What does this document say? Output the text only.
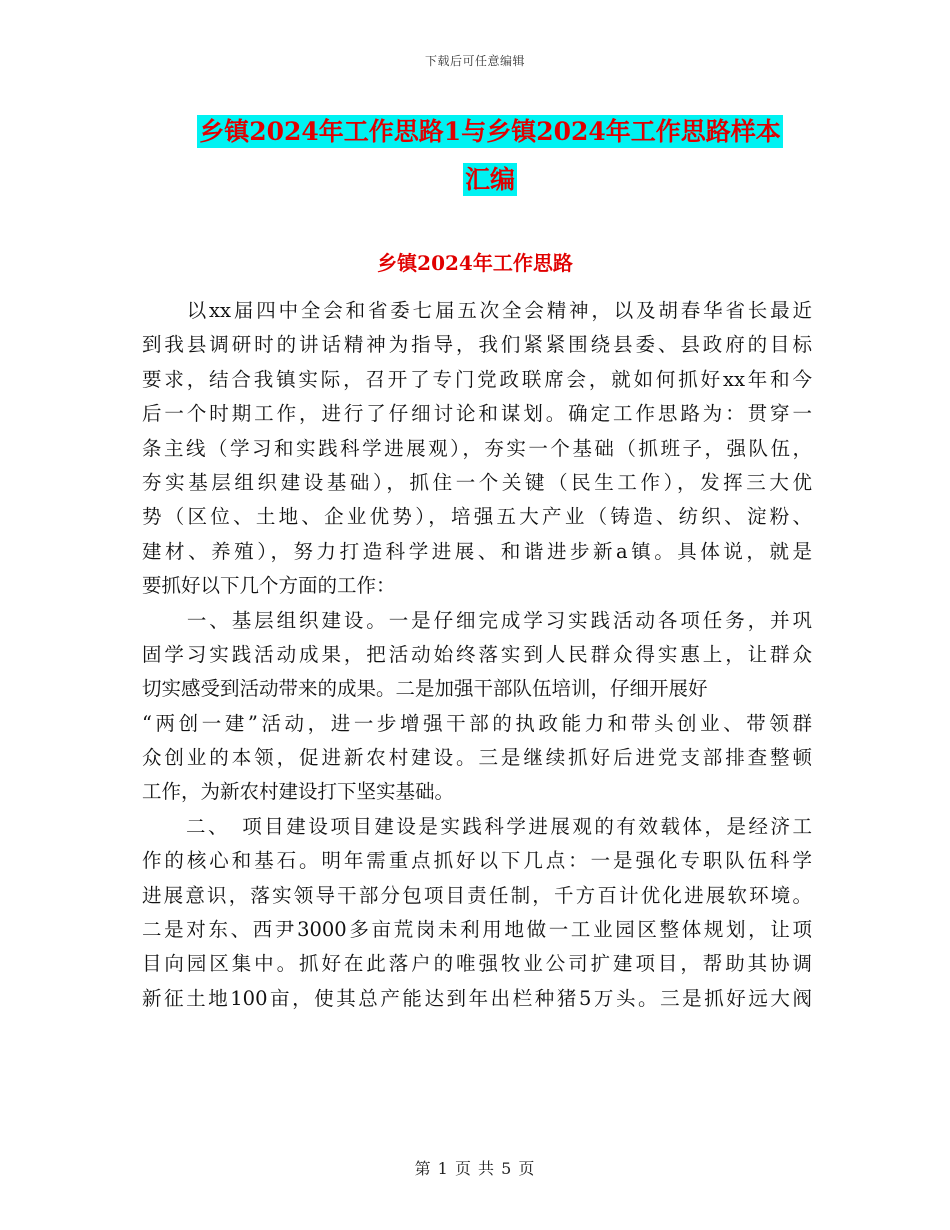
下载后可任意编辑
乡镇2024年工作思路1与乡镇2024年工作思路样本
汇编
乡镇2024年工作思路
　　以xx届四中全会和省委七届五次全会精神，以及胡春华省长最近
到我县调研时的讲话精神为指导，我们紧紧围绕县委、县政府的目标
要求，结合我镇实际，召开了专门党政联席会，就如何抓好xx年和今
后一个时期工作，进行了仔细讨论和谋划。确定工作思路为：贯穿一
条主线（学习和实践科学进展观），夯实一个基础（抓班子，强队伍，
夯实基层组织建设基础），抓住一个关键（民生工作），发挥三大优
势（区位、土地、企业优势），培强五大产业（铸造、纺织、淀粉、
建材、养殖），努力打造科学进展、和谐进步新a镇。具体说，就是
要抓好以下几个方面的工作：
　　一、基层组织建设。一是仔细完成学习实践活动各项任务，并巩
固学习实践活动成果，把活动始终落实到人民群众得实惠上，让群众
切实感受到活动带来的成果。二是加强干部队伍培训，仔细开展好
“两创一建”活动，进一步增强干部的执政能力和带头创业、带领群
众创业的本领，促进新农村建设。三是继续抓好后进党支部排查整顿
工作，为新农村建设打下坚实基础。
　　二、　项目建设项目建设是实践科学进展观的有效载体，是经济工
作的核心和基石。明年需重点抓好以下几点：一是强化专职队伍科学
进展意识，落实领导干部分包项目责任制，千方百计优化进展软环境。
二是对东、西尹3000多亩荒岗未利用地做一工业园区整体规划，让项
目向园区集中。抓好在此落户的唯强牧业公司扩建项目，帮助其协调
新征土地100亩，使其总产能达到年出栏种猪5万头。三是抓好远大阀
第 1 页 共 5 页
